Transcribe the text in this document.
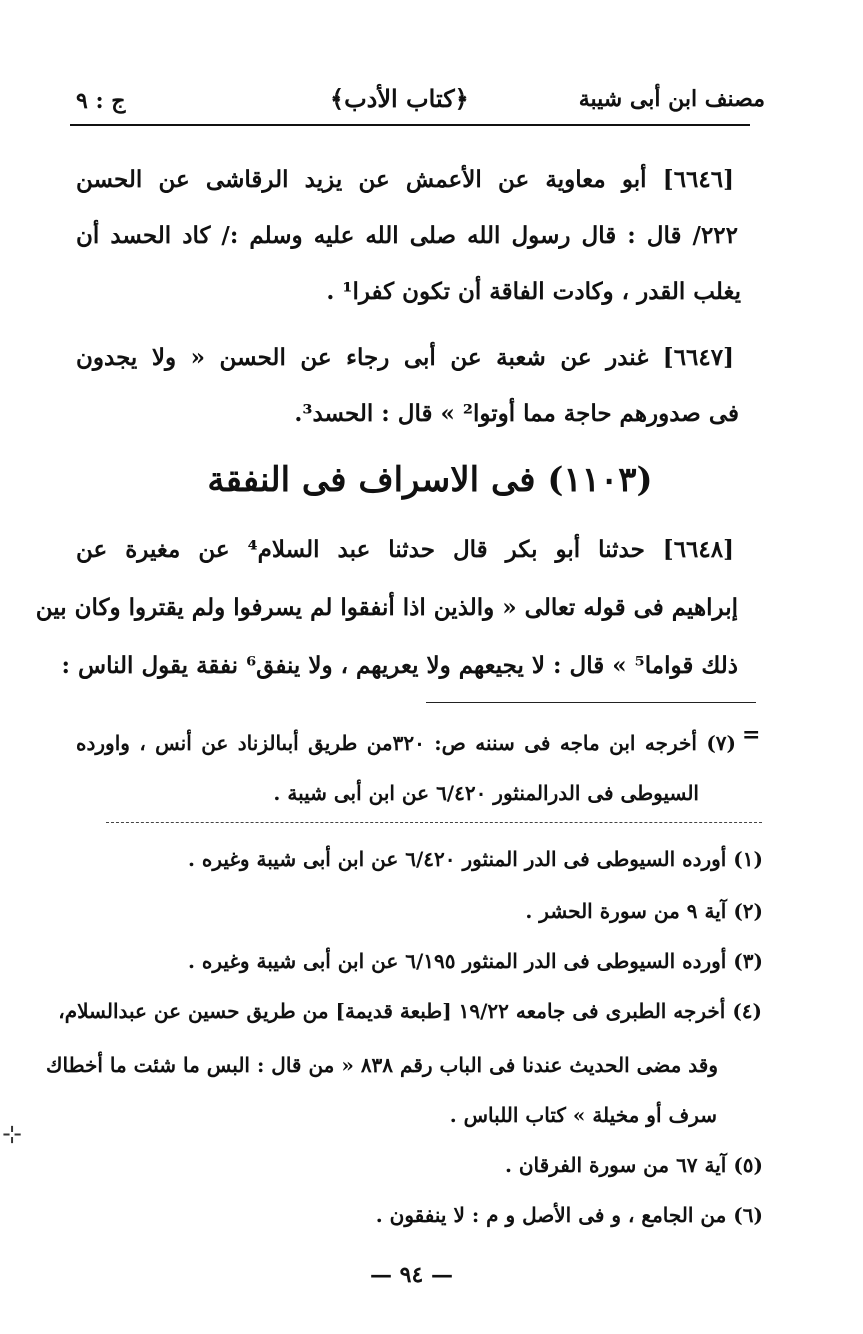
مصنف ابن أبى شيبة
﴿كتاب الأدب﴾
ج : ٩
[٦٦٤٦] أبو معاوية عن الأعمش عن يزيد الرقاشى عن الحسن
٢٢٢/ قال : قال رسول الله صلى الله عليه وسلم :/ كاد الحسد أن
يغلب القدر ، وكادت الفاقة أن تكون كفرا¹ .
[٦٦٤٧] غندر عن شعبة عن أبى رجاء عن الحسن « ولا يجدون
فى صدورهم حاجة مما أوتوا² » قال : الحسد³.
(١١٠٣) فى الاسراف فى النفقة
[٦٦٤٨] حدثنا أبو بكر قال حدثنا عبد السلام⁴ عن مغيرة عن
إبراهيم فى قوله تعالى « والذين اذا أنفقوا لم يسرفوا ولم يقتروا وكان بين
ذلك قواما⁵ » قال : لا يجيعهم ولا يعريهم ، ولا ينفق⁶ نفقة يقول الناس :
=
(٧) أخرجه ابن ماجه فى سننه ص: ٣٢٠من طريق أبىالزناد عن أنس ، واورده
السيوطى فى الدرالمنثور ٦/٤٢٠ عن ابن أبى شيبة .
(١) أورده السيوطى فى الدر المنثور ٦/٤٢٠ عن ابن أبى شيبة وغيره .
(٢) آية ٩ من سورة الحشر .
(٣) أورده السيوطى فى الدر المنثور ٦/١٩٥ عن ابن أبى شيبة وغيره .
(٤) أخرجه الطبرى فى جامعه ١٩/٢٢ [طبعة قديمة] من طريق حسين عن عبدالسلام،
وقد مضى الحديث عندنا فى الباب رقم ٨٣٨ « من قال : البس ما شئت ما أخطاك
سرف أو مخيلة » كتاب اللباس .
(٥) آية ٦٧ من سورة الفرقان .
(٦) من الجامع ، و فى الأصل و م : لا ينفقون .
— ٩٤ —
⊹
